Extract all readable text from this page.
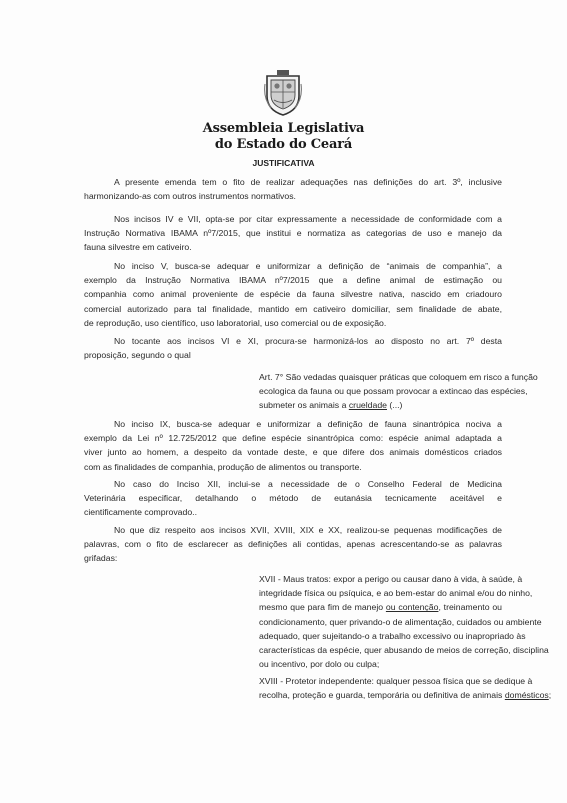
Assembleia Legislativa
do Estado do Ceará
JUSTIFICATIVA
A presente emenda tem o fito de realizar adequações nas definições do art. 3º, inclusive
harmonizando-as com outros instrumentos normativos.
Nos incisos IV e VII, opta-se por citar expressamente a necessidade de conformidade com a
Instrução Normativa IBAMA nº7/2015, que institui e normatiza as categorias de uso e manejo da
fauna silvestre em cativeiro.
No inciso V, busca-se adequar e uniformizar a definição de “animais de companhia”, a
exemplo da Instrução Normativa IBAMA nº7/2015 que a define animal de estimação ou
companhia como animal proveniente de espécie da fauna silvestre nativa, nascido em criadouro
comercial autorizado para tal finalidade, mantido em cativeiro domiciliar, sem finalidade de abate,
de reprodução, uso científico, uso laboratorial, uso comercial ou de exposição.
No tocante aos incisos VI e XI, procura-se harmonizá-los ao disposto no art. 7º desta
proposição, segundo o qual
Art. 7° São vedadas quaisquer práticas que coloquem em risco a função
ecologica da fauna ou que possam provocar a extincao das espécies,
submeter os animais a crueldade (...)
No inciso IX, busca-se adequar e uniformizar a definição de fauna sinantrópica nociva a
exemplo da Lei nº 12.725/2012 que define espécie sinantrópica como: espécie animal adaptada a
viver junto ao homem, a despeito da vontade deste, e que difere dos animais domésticos criados
com as finalidades de companhia, produção de alimentos ou transporte.
No caso do Inciso XII, inclui-se a necessidade de o Conselho Federal de Medicina
Veterinária especificar, detalhando o método de eutanásia tecnicamente aceitável e
cientificamente comprovado..
No que diz respeito aos incisos XVII, XVIII, XIX e XX, realizou-se pequenas modificações de
palavras, com o fito de esclarecer as definições ali contidas, apenas acrescentando-se as palavras
grifadas:
XVII - Maus tratos: expor a perigo ou causar dano à vida, à saúde, à
integridade física ou psíquica, e ao bem-estar do animal e/ou do ninho,
mesmo que para fim de manejo ou contenção, treinamento ou
condicionamento, quer privando-o de alimentação, cuidados ou ambiente
adequado, quer sujeitando-o a trabalho excessivo ou inapropriado às
características da espécie, quer abusando de meios de correção, disciplina
ou incentivo, por dolo ou culpa;
XVIII - Protetor independente: qualquer pessoa física que se dedique à
recolha, proteção e guarda, temporária ou definitiva de animais domésticos;
